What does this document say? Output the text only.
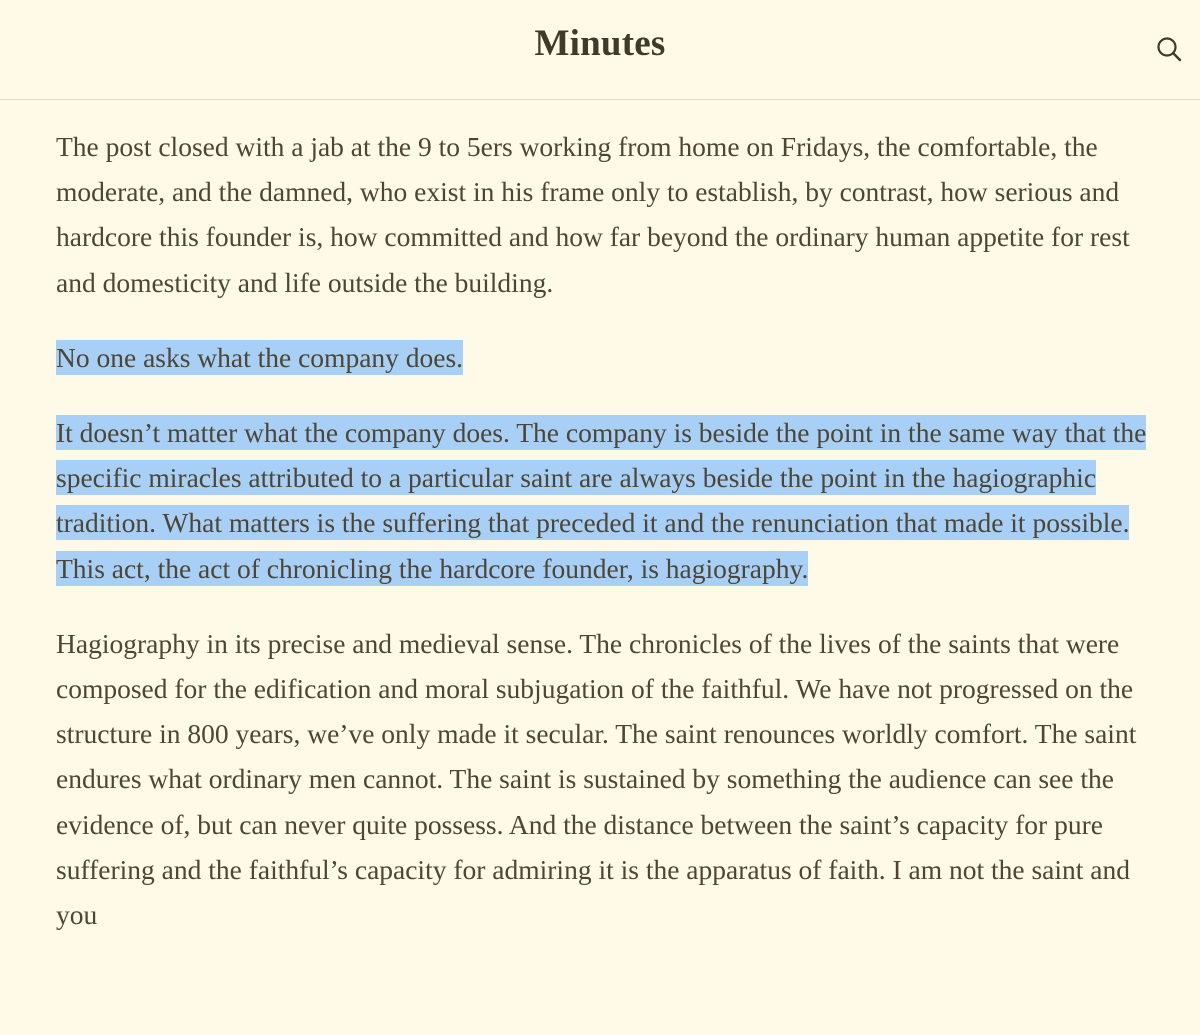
Minutes

The post closed with a jab at the 9 to 5ers working from home on Fridays, the comfortable, the moderate, and the damned, who exist in his frame only to establish, by contrast, how serious and hardcore this founder is, how committed and how far beyond the ordinary human appetite for rest and domesticity and life outside the building.

No one asks what the company does.

It doesn’t matter what the company does. The company is beside the point in the same way that the specific miracles attributed to a particular saint are always beside the point in the hagiographic tradition. What matters is the suffering that preceded it and the renunciation that made it possible. This act, the act of chronicling the hardcore founder, is hagiography.

Hagiography in its precise and medieval sense. The chronicles of the lives of the saints that were composed for the edification and moral subjugation of the faithful. We have not progressed on the structure in 800 years, we’ve only made it secular. The saint renounces worldly comfort. The saint endures what ordinary men cannot. The saint is sustained by something the audience can see the evidence of, but can never quite possess. And the distance between the saint’s capacity for pure suffering and the faithful’s capacity for admiring it is the apparatus of faith. I am not the saint and you
